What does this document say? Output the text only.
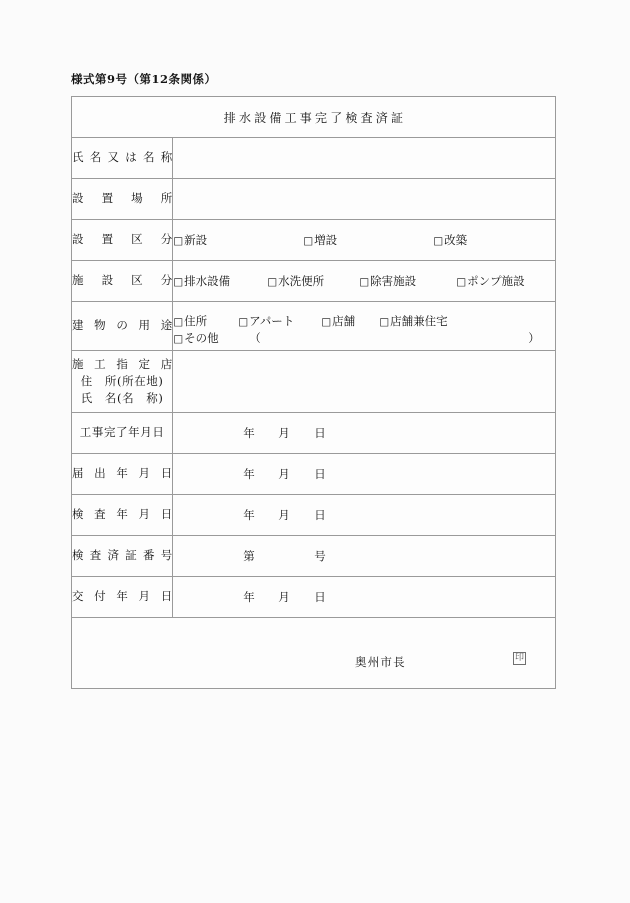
様式第9号（第12条関係）
排水設備工事完了検査済証	

氏名又は名称	

設置場所	

設置区分	□新設 □増設 □改築

施設区分	□排水設備 □水洗便所 □除害施設 □ポンプ施設

建物の用途	□住所	□アパート	□店舗 □店舗兼住宅
□その他	（	）

施工指定店
住　所(所在地)
氏　名(名　称)	

工事完了年月日	年 月 日

届出年月日	年 月 日

検査年月日	年 月 日

検査済証番号	第 号

交付年月日	年 月 日

奥州市長 印	
